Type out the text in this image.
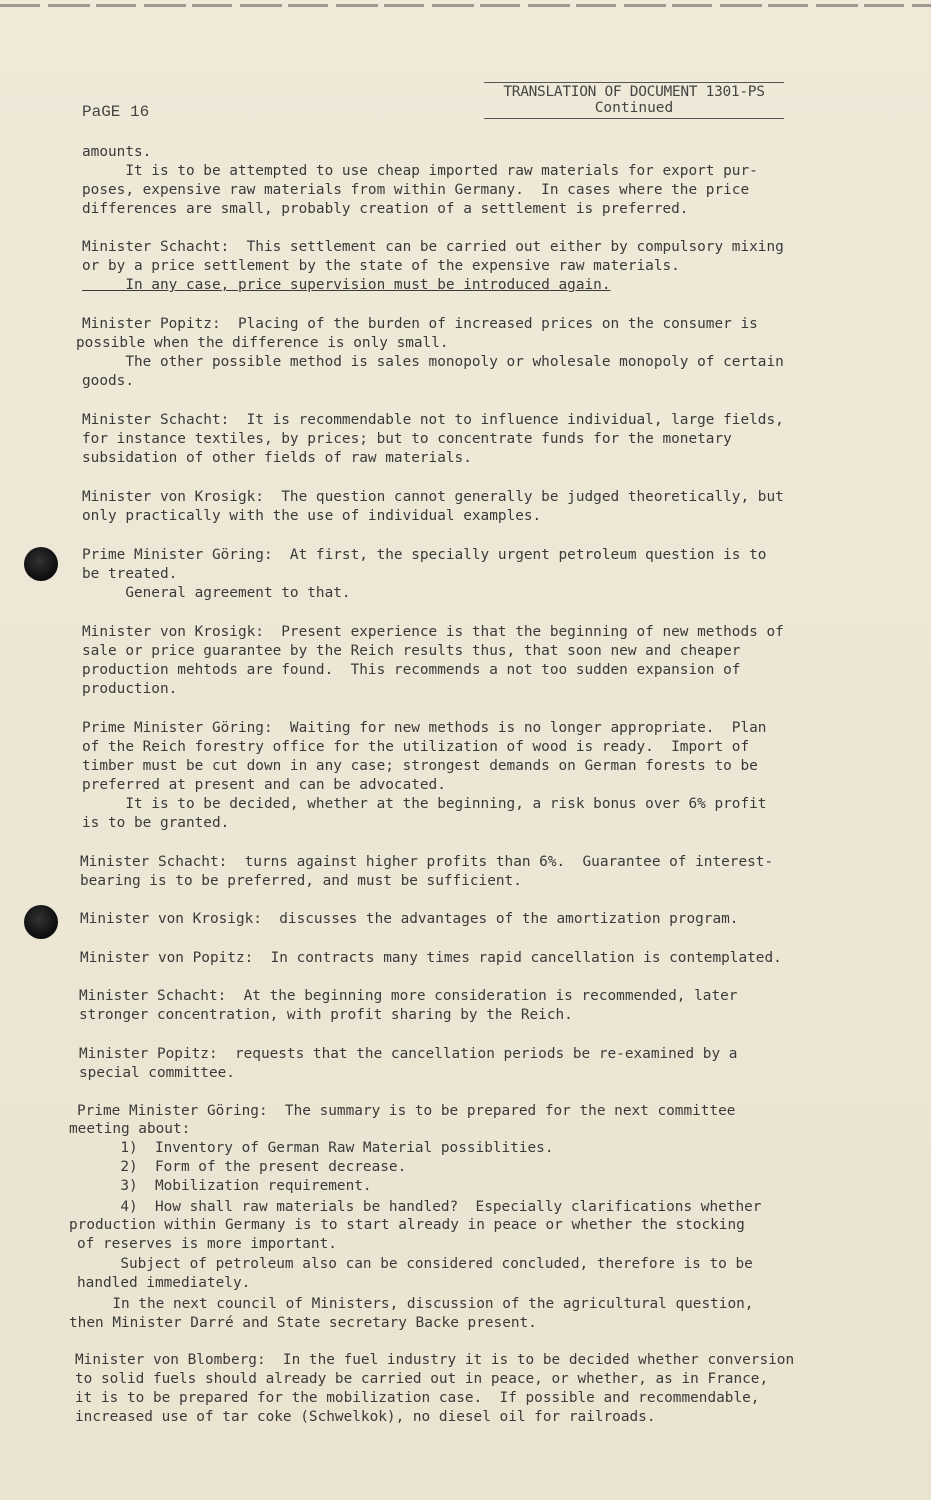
PaGE 16
TRANSLATION OF DOCUMENT 1301-PS
Continued
amounts.
It is to be attempted to use cheap imported raw materials for export pur-
poses, expensive raw materials from within Germany.  In cases where the price
differences are small, probably creation of a settlement is preferred.
Minister Schacht:  This settlement can be carried out either by compulsory mixing
or by a price settlement by the state of the expensive raw materials.
In any case, price supervision must be introduced again.
Minister Popitz:  Placing of the burden of increased prices on the consumer is
possible when the difference is only small.
The other possible method is sales monopoly or wholesale monopoly of certain
goods.
Minister Schacht:  It is recommendable not to influence individual, large fields,
for instance textiles, by prices; but to concentrate funds for the monetary
subsidation of other fields of raw materials.
Minister von Krosigk:  The question cannot generally be judged theoretically, but
only practically with the use of individual examples.
Prime Minister Göring:  At first, the specially urgent petroleum question is to
be treated.
General agreement to that.
Minister von Krosigk:  Present experience is that the beginning of new methods of
sale or price guarantee by the Reich results thus, that soon new and cheaper
production mehtods are found.  This recommends a not too sudden expansion of
production.
Prime Minister Göring:  Waiting for new methods is no longer appropriate.  Plan
of the Reich forestry office for the utilization of wood is ready.  Import of
timber must be cut down in any case; strongest demands on German forests to be
preferred at present and can be advocated.
It is to be decided, whether at the beginning, a risk bonus over 6% profit
is to be granted.
Minister Schacht:  turns against higher profits than 6%.  Guarantee of interest-
bearing is to be preferred, and must be sufficient.
Minister von Krosigk:  discusses the advantages of the amortization program.
Minister von Popitz:  In contracts many times rapid cancellation is contemplated.
Minister Schacht:  At the beginning more consideration is recommended, later
stronger concentration, with profit sharing by the Reich.
Minister Popitz:  requests that the cancellation periods be re-examined by a
special committee.
Prime Minister Göring:  The summary is to be prepared for the next committee
meeting about:
1)  Inventory of German Raw Material possiblities.
2)  Form of the present decrease.
3)  Mobilization requirement.
4)  How shall raw materials be handled?  Especially clarifications whether
production within Germany is to start already in peace or whether the stocking
of reserves is more important.
Subject of petroleum also can be considered concluded, therefore is to be
handled immediately.
In the next council of Ministers, discussion of the agricultural question,
then Minister Darré and State secretary Backe present.
Minister von Blomberg:  In the fuel industry it is to be decided whether conversion
to solid fuels should already be carried out in peace, or whether, as in France,
it is to be prepared for the mobilization case.  If possible and recommendable,
increased use of tar coke (Schwelkok), no diesel oil for railroads.
